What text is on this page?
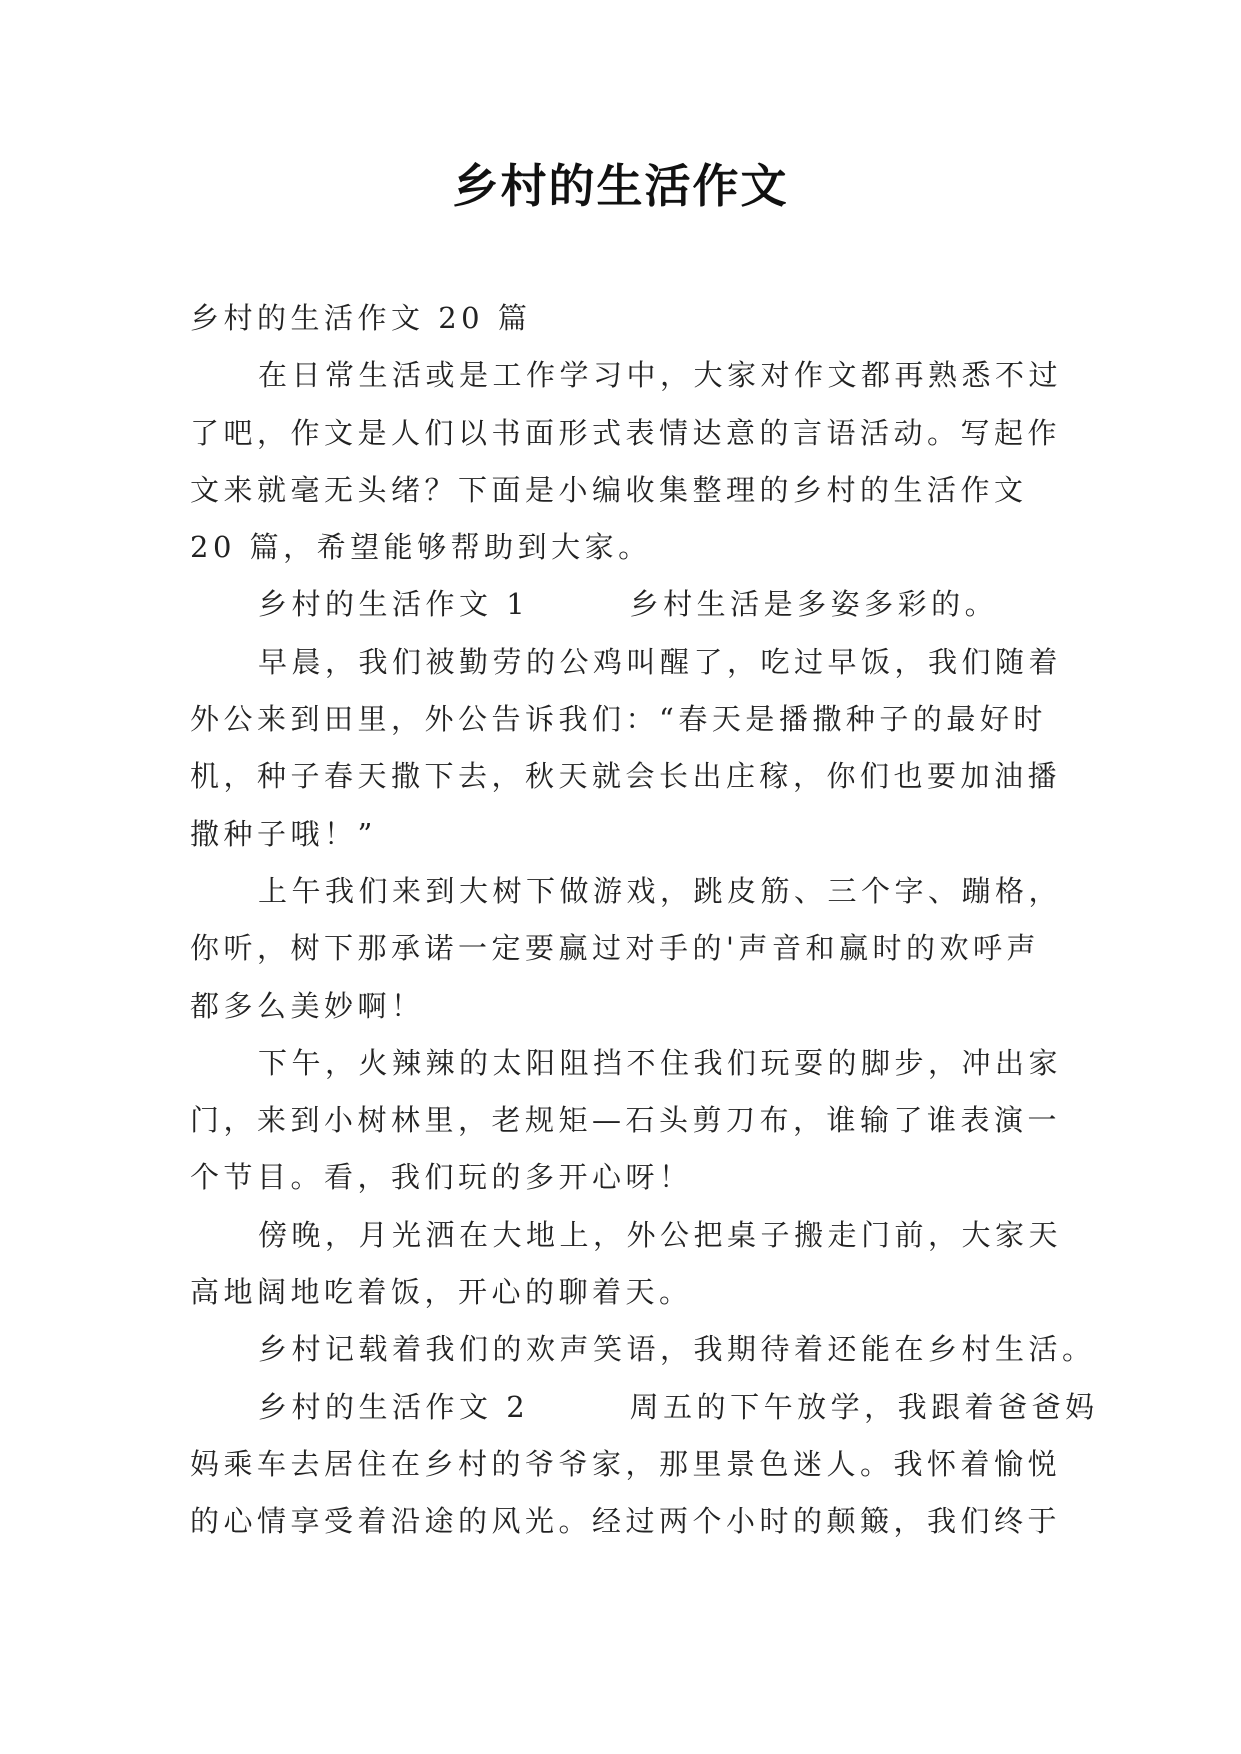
乡村的生活作文
乡村的生活作文 20 篇
在日常生活或是工作学习中，大家对作文都再熟悉不过
了吧，作文是人们以书面形式表情达意的言语活动。写起作
文来就毫无头绪？下面是小编收集整理的乡村的生活作文
20 篇，希望能够帮助到大家。
乡村的生活作文 1　　　乡村生活是多姿多彩的。
早晨，我们被勤劳的公鸡叫醒了，吃过早饭，我们随着
外公来到田里，外公告诉我们：“春天是播撒种子的最好时
机，种子春天撒下去，秋天就会长出庄稼，你们也要加油播
撒种子哦！”
上午我们来到大树下做游戏，跳皮筋、三个字、蹦格，
你听，树下那承诺一定要赢过对手的'声音和赢时的欢呼声
都多么美妙啊！
下午，火辣辣的太阳阻挡不住我们玩耍的脚步，冲出家
门，来到小树林里，老规矩—石头剪刀布，谁输了谁表演一
个节目。看，我们玩的多开心呀！
傍晚，月光洒在大地上，外公把桌子搬走门前，大家天
高地阔地吃着饭，开心的聊着天。
乡村记载着我们的欢声笑语，我期待着还能在乡村生活。
乡村的生活作文 2　　　周五的下午放学，我跟着爸爸妈
妈乘车去居住在乡村的爷爷家，那里景色迷人。我怀着愉悦
的心情享受着沿途的风光。经过两个小时的颠簸，我们终于
